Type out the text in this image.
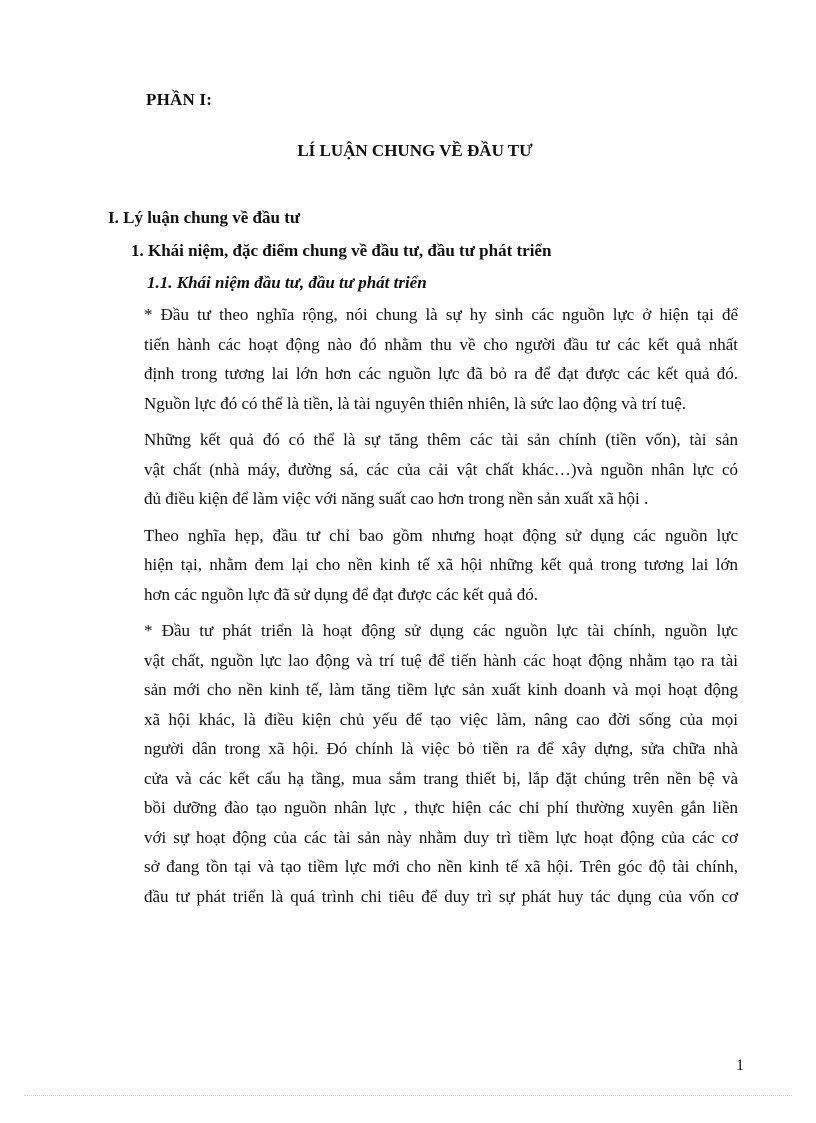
PHẦN I:
LÍ LUẬN CHUNG VỀ ĐẦU TƯ
I. Lý luận chung về đầu tư
1. Khái niệm, đặc điểm chung về đầu tư, đầu tư phát triển
1.1. Khái niệm đầu tư, đầu tư phát triển
* Đầu tư theo nghĩa rộng, nói chung là sự hy sinh các nguồn lực ở hiện tại để
tiến hành các hoạt động nào đó nhằm thu về cho người đầu tư các kết quả nhất
định trong tương lai lớn hơn các nguồn lực đã bỏ ra để đạt được các kết quả đó.
Nguồn lực đó có thể là tiền, là tài nguyên thiên nhiên, là sức lao động và trí tuệ.
Những kết quả đó có thể là sự tăng thêm các tài sản chính (tiền vốn), tài sản
vật chất (nhà máy, đường sá, các của cải vật chất khác…)và nguồn nhân lực có
đủ điều kiện để làm việc với năng suất cao hơn trong nền sản xuất xã hội .
Theo nghĩa hẹp, đầu tư chỉ bao gồm nhưng hoạt động sử dụng các nguồn lực
hiện tại, nhằm đem lại cho nền kinh tế xã hội những kết quả trong tương lai lớn
hơn các nguồn lực đã sử dụng để đạt được các kết quả đó.
* Đầu tư phát triển là hoạt động sử dụng các nguồn lực tài chính, nguồn lực
vật chất, nguồn lực lao động và trí tuệ để tiến hành các hoạt động nhằm tạo ra tài
sản mới cho nền kinh tế, làm tăng tiềm lực sản xuất kinh doanh và mọi hoạt động
xã hội khác, là điều kiện chủ yếu để tạo việc làm, nâng cao đời sống của mọi
người dân trong xã hội. Đó chính là việc bỏ tiền ra để xây dựng, sửa chữa nhà
cửa và các kết cấu hạ tầng, mua sắm trang thiết bị, lắp đặt chúng trên nền bệ và
bồi dưỡng đào tạo nguồn nhân lực , thực hiện các chi phí thường xuyên gắn liền
với sự hoạt động của các tài sản này nhằm duy trì tiềm lực hoạt động của các cơ
sở đang tồn tại và tạo tiềm lực mới cho nền kinh tế xã hội. Trên góc độ tài chính,
đầu tư phát triển là quá trình chi tiêu để duy trì sự phát huy tác dụng của vốn cơ
1
